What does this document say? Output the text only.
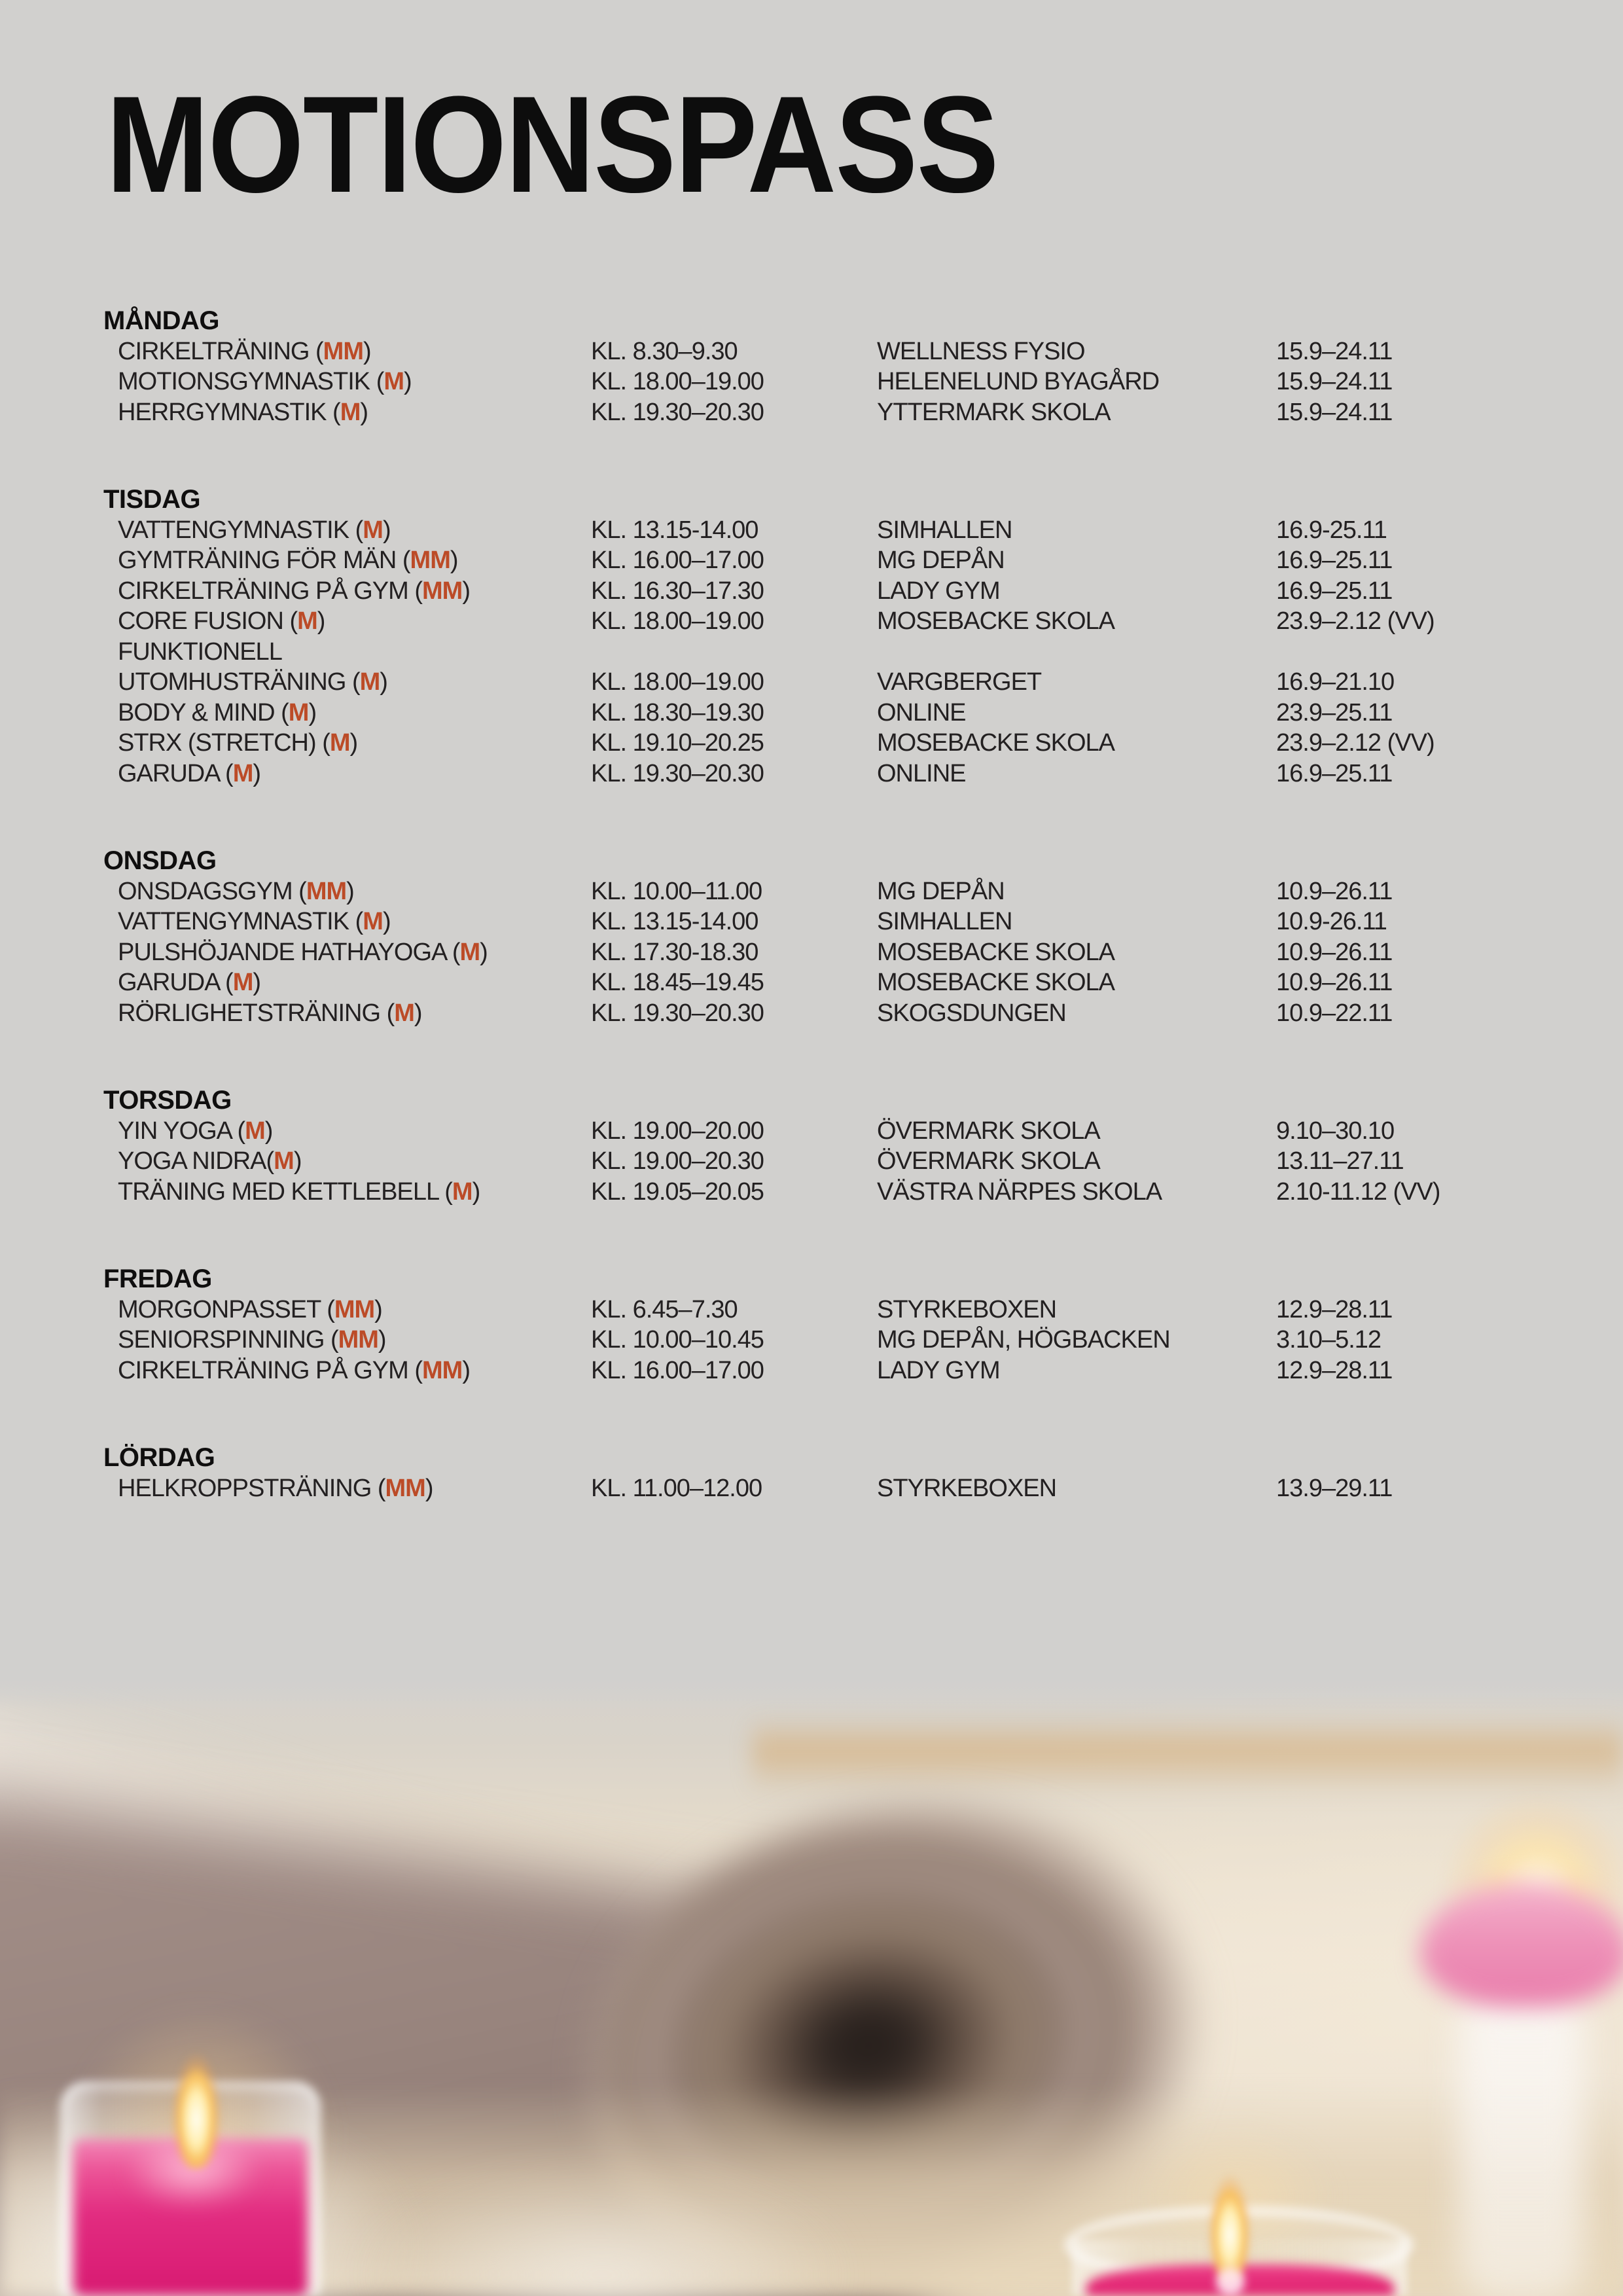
MOTIONSPASS
MÅNDAG
CIRKELTRÄNING (MM)	KL. 8.30–9.30	WELLNESS FYSIO	15.9–24.11
MOTIONSGYMNASTIK (M)	KL. 18.00–19.00	HELENELUND BYAGÅRD	15.9–24.11
HERRGYMNASTIK (M)	KL. 19.30–20.30	YTTERMARK SKOLA	15.9–24.11
TISDAG
VATTENGYMNASTIK (M)	KL. 13.15-14.00	SIMHALLEN	16.9-25.11
GYMTRÄNING FÖR MÄN (MM)	KL. 16.00–17.00	MG DEPÅN	16.9–25.11
CIRKELTRÄNING PÅ GYM (MM)	KL. 16.30–17.30	LADY GYM	16.9–25.11
CORE FUSION (M)	KL. 18.00–19.00	MOSEBACKE SKOLA	23.9–2.12 (VV)
FUNKTIONELL
UTOMHUSTRÄNING (M)	KL. 18.00–19.00	VARGBERGET	16.9–21.10
BODY & MIND (M)	KL. 18.30–19.30	ONLINE	23.9–25.11
STRX (STRETCH) (M)	KL. 19.10–20.25	MOSEBACKE SKOLA	23.9–2.12 (VV)
GARUDA (M)	KL. 19.30–20.30	ONLINE	16.9–25.11
ONSDAG
ONSDAGSGYM (MM)	KL. 10.00–11.00	MG DEPÅN	10.9–26.11
VATTENGYMNASTIK (M)	KL. 13.15-14.00	SIMHALLEN	10.9-26.11
PULSHÖJANDE HATHAYOGA (M)	KL. 17.30-18.30	MOSEBACKE SKOLA	10.9–26.11
GARUDA (M)	KL. 18.45–19.45	MOSEBACKE SKOLA	10.9–26.11
RÖRLIGHETSTRÄNING (M)	KL. 19.30–20.30	SKOGSDUNGEN	10.9–22.11
TORSDAG
YIN YOGA (M)	KL. 19.00–20.00	ÖVERMARK SKOLA	9.10–30.10
YOGA NIDRA(M)	KL. 19.00–20.30	ÖVERMARK SKOLA	13.11–27.11
TRÄNING MED KETTLEBELL (M)	KL. 19.05–20.05	VÄSTRA NÄRPES SKOLA	2.10-11.12 (VV)
FREDAG
MORGONPASSET (MM)	KL. 6.45–7.30	STYRKEBOXEN	12.9–28.11
SENIORSPINNING (MM)	KL. 10.00–10.45	MG DEPÅN, HÖGBACKEN	3.10–5.12
CIRKELTRÄNING PÅ GYM (MM)	KL. 16.00–17.00	LADY GYM	12.9–28.11
LÖRDAG
HELKROPPSTRÄNING (MM)	KL. 11.00–12.00	STYRKEBOXEN	13.9–29.11
